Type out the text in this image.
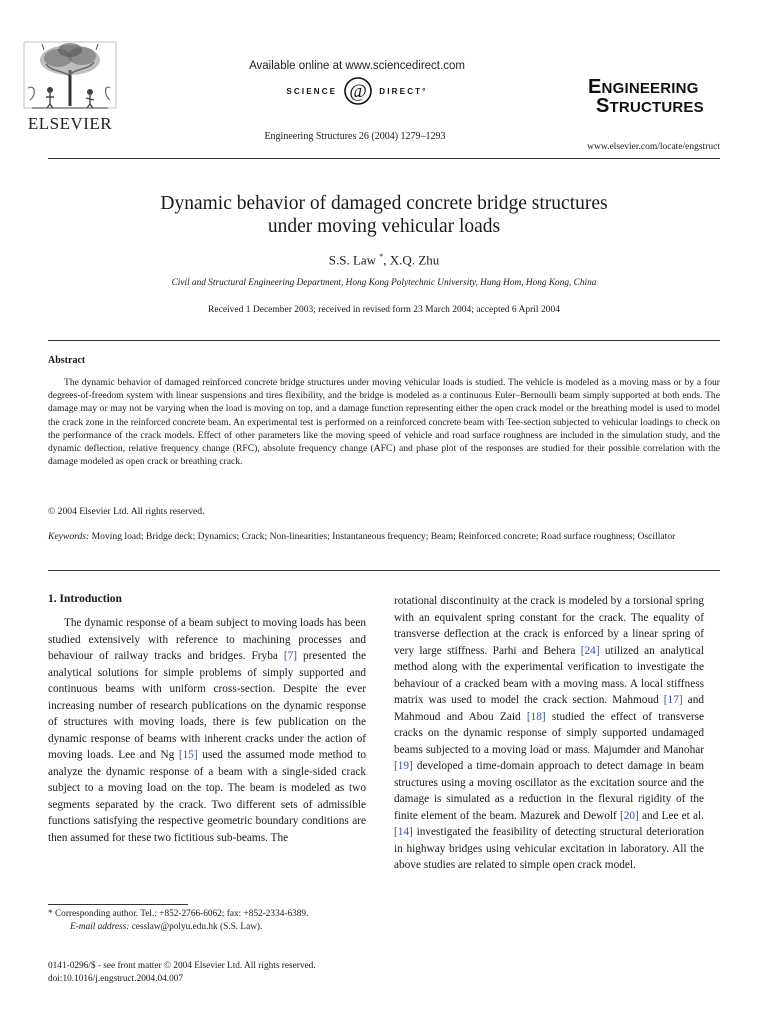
ELSEVIER
Available online at www.sciencedirect.com
SCIENCE @ DIRECT°
Engineering Structures 26 (2004) 1279–1293
ENGINEERING
STRUCTURES
www.elsevier.com/locate/engstruct
Dynamic behavior of damaged concrete bridge structures
under moving vehicular loads
S.S. Law *, X.Q. Zhu
Civil and Structural Engineering Department, Hong Kong Polytechnic University, Hung Hom, Hong Kong, China
Received 1 December 2003; received in revised form 23 March 2004; accepted 6 April 2004
Abstract
The dynamic behavior of damaged reinforced concrete bridge structures under moving vehicular loads is studied. The vehicle is modeled as a moving mass or by a four degrees-of-freedom system with linear suspensions and tires flexibility, and the bridge is modeled as a continuous Euler–Bernoulli beam simply supported at both ends. The damage may or may not be varying when the load is moving on top, and a damage function representing either the open crack model or the breathing model is used to model the crack zone in the reinforced concrete beam. An experimental test is performed on a reinforced concrete beam with Tee-section subjected to vehicular loadings to check on the performance of the crack models. Effect of other parameters like the moving speed of vehicle and road surface roughness are included in the simulation study, and the dynamic deflection, relative frequency change (RFC), absolute frequency change (AFC) and phase plot of the responses are studied for their possible correlation with the damage modeled as open crack or breathing crack.
© 2004 Elsevier Ltd. All rights reserved.
Keywords: Moving load; Bridge deck; Dynamics; Crack; Non-linearities; Instantaneous frequency; Beam; Reinforced concrete; Road surface roughness; Oscillator
1. Introduction

The dynamic response of a beam subject to moving loads has been studied extensively with reference to machining processes and behaviour of railway tracks and bridges. Fryba [7] presented the analytical solutions for simple problems of simply supported and continuous beams with uniform cross-section. Despite the ever increasing number of research publications on the dynamic response of structures with moving loads, there is few publication on the dynamic response of beams with inherent cracks under the action of moving loads. Lee and Ng [15] used the assumed mode method to analyze the dynamic response of a beam with a single-sided crack subject to a moving load on the top. The beam is modeled as two segments separated by the crack. Two different sets of admissible functions satisfying the respective geometric boundary conditions are then assumed for these two fictitious sub-beams. The

rotational discontinuity at the crack is modeled by a torsional spring with an equivalent spring constant for the crack. The equality of transverse deflection at the crack is enforced by a linear spring of very large stiffness. Parhi and Behera [24] utilized an analytical method along with the experimental verification to investigate the behaviour of a cracked beam with a moving mass. A local stiffness matrix was used to model the crack section. Mahmoud [17] and Mahmoud and Abou Zaid [18] studied the effect of transverse cracks on the dynamic response of simply supported undamaged beams subjected to a moving load or mass. Majumder and Manohar [19] developed a time-domain approach to detect damage in beam structures using a moving oscillator as the excitation source and the damage is simulated as a reduction in the flexural rigidity of the finite element of the beam. Mazurek and Dewolf [20] and Lee et al. [14] investigated the feasibility of detecting structural deterioration in highway bridges using vehicular excitation in laboratory. All the above studies are related to simple open crack model.

* Corresponding author. Tel.: +852-2766-6062; fax: +852-2334-6389.

E-mail address: cesslaw@polyu.edu.hk (S.S. Law).

0141-0296/$ - see front matter © 2004 Elsevier Ltd. All rights reserved.
doi:10.1016/j.engstruct.2004.04.007
